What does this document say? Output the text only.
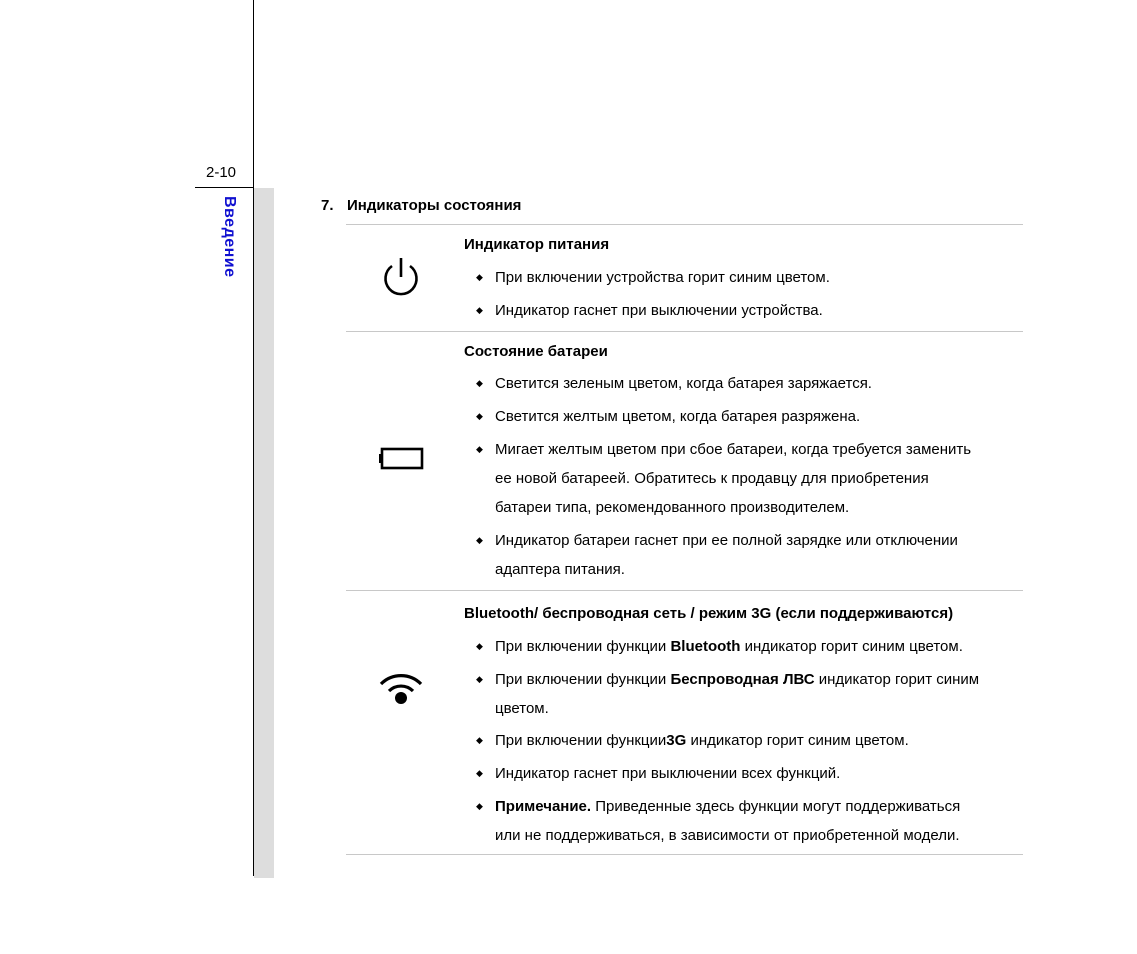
2-10
Введение	7. Индикаторы состояния
Индикатор питания
◆ При включении устройства горит синим цветом.
◆ Индикатор гаснет при выключении устройства.
Состояние батареи
◆ Светится зеленым цветом, когда батарея заряжается.
◆ Светится желтым цветом, когда батарея разряжена.
◆ Мигает желтым цветом при сбое батареи, когда требуется заменить
ее новой батареей. Обратитесь к продавцу для приобретения
батареи типа, рекомендованного производителем.
◆ Индикатор батареи гаснет при ее полной зарядке или отключении
адаптера питания.
Bluetooth/ беспроводная сеть / режим 3G (если поддерживаются)
◆ При включении функции Bluetooth индикатор горит синим цветом.
◆ При включении функции Беспроводная ЛВС индикатор горит синим
цветом.
◆ При включении функции3G индикатор горит синим цветом.
◆ Индикатор гаснет при выключении всех функций.
◆ Примечание. Приведенные здесь функции могут поддерживаться
или не поддерживаться, в зависимости от приобретенной модели.
